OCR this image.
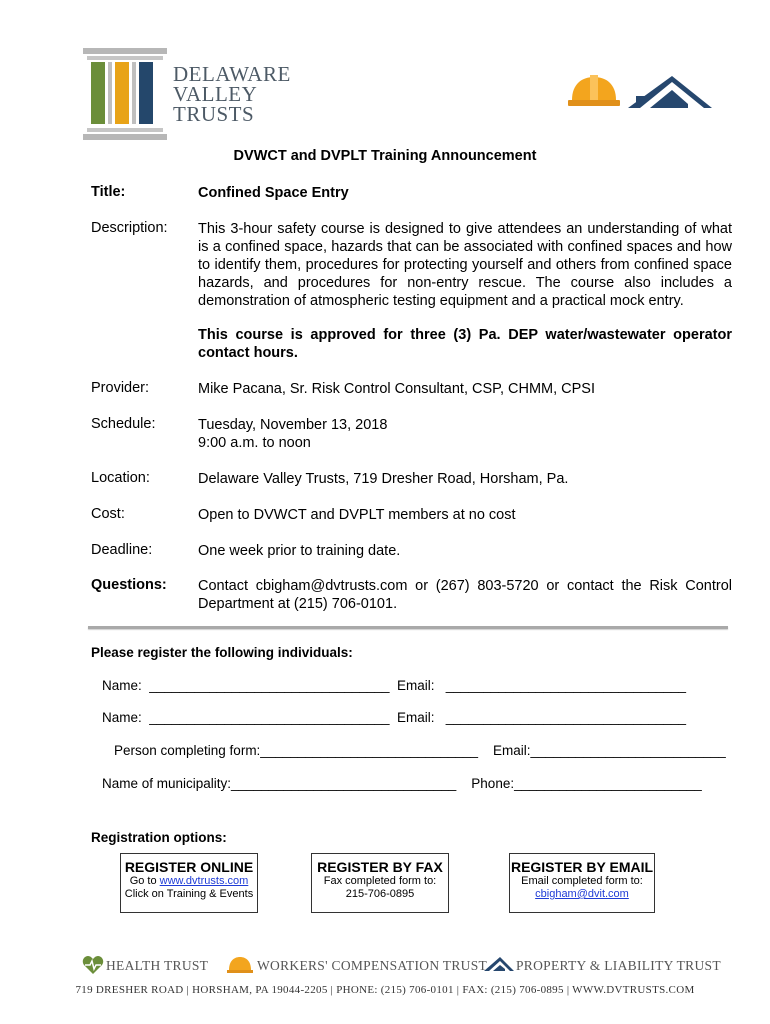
DELAWARE
VALLEY
TRUSTS
DVWCT and DVPLT Training Announcement
Title:	Confined Space Entry
Description: This 3-hour safety course is designed to give attendees an understanding of what is a confined space, hazards that can be associated with confined spaces and how to identify them, procedures for protecting yourself and others from confined space hazards, and procedures for non-entry rescue. The course also includes a demonstration of atmospheric testing equipment and a practical mock entry.
This course is approved for three (3) Pa. DEP water/wastewater operator contact hours.
Provider:	Mike Pacana, Sr. Risk Control Consultant, CSP, CHMM, CPSI
Schedule:	Tuesday, November 13, 2018
9:00 a.m. to noon
Location:	Delaware Valley Trusts, 719 Dresher Road, Horsham, Pa.
Cost:	Open to DVWCT and DVPLT members at no cost
Deadline:	One week prior to training date.
Questions: Contact cbigham@dvtrusts.com or (267) 803-5720 or contact the Risk Control Department at (215) 706-0101.
Please register the following individuals:
Name:  ________________________________  Email:   ________________________________
Name:  ________________________________  Email:   ________________________________
Person completing form:_____________________________    Email:__________________________
Name of municipality:______________________________    Phone:_________________________
Registration options:
REGISTER ONLINE
Go to www.dvtrusts.com
Click on Training & Events
REGISTER BY FAX
Fax completed form to:
215-706-0895
REGISTER BY EMAIL
Email completed form to:
cbigham@dvit.com
HEALTH TRUST	WORKERS' COMPENSATION TRUST PROPERTY & LIABILITY TRUST
719 DRESHER ROAD | HORSHAM, PA 19044-2205 | PHONE: (215) 706-0101 | FAX: (215) 706-0895 | WWW.DVTRUSTS.COM
